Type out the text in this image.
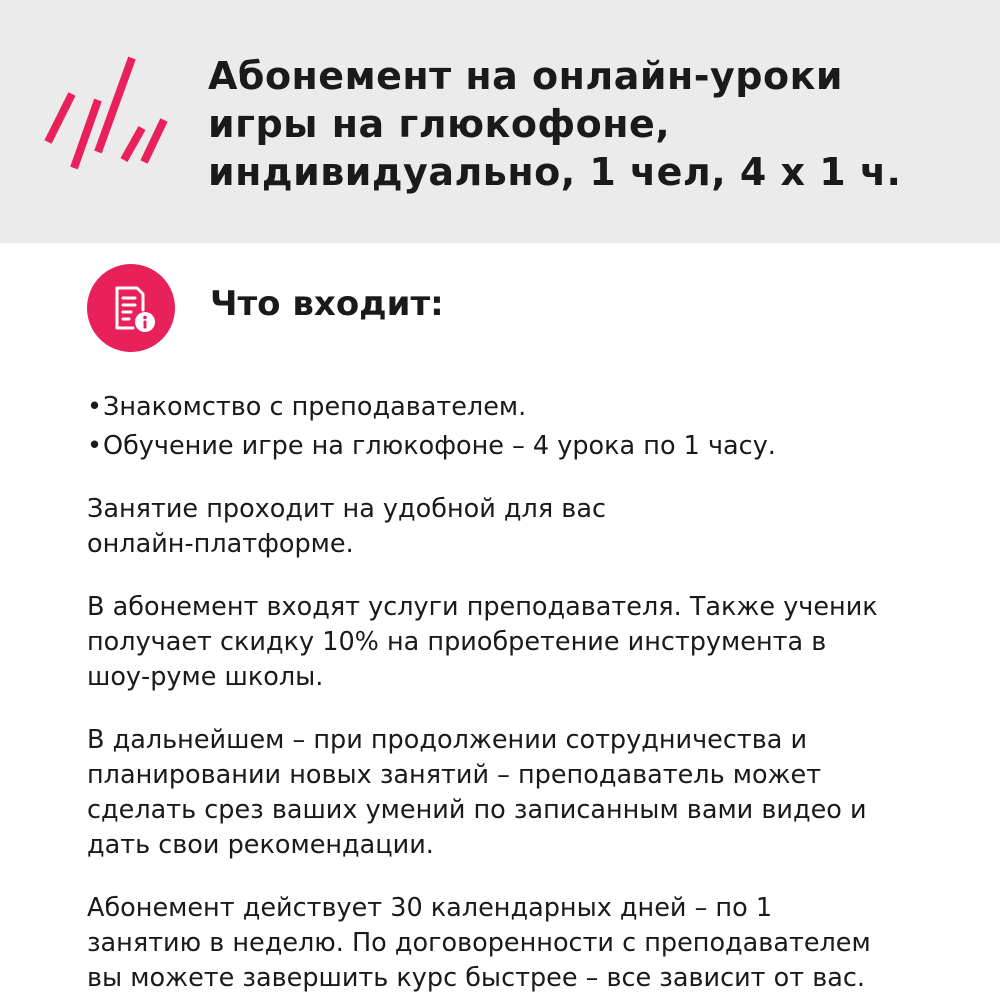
Абонемент на онлайн-уроки
игры на глюкофоне,
индивидуально, 1 чел, 4 х 1 ч.
Что входит:
•Знакомство с преподавателем.
•Обучение игре на глюкофоне – 4 урока по 1 часу.

Занятие проходит на удобной для вас
онлайн-платформе.

В абонемент входят услуги преподавателя. Также ученик
получает скидку 10% на приобретение инструмента в
шоу-руме школы.

В дальнейшем – при продолжении сотрудничества и
планировании новых занятий – преподаватель может
сделать срез ваших умений по записанным вами видео и
дать свои рекомендации.

Абонемент действует 30 календарных дней – по 1
занятию в неделю. По договоренности с преподавателем
вы можете завершить курс быстрее – все зависит от вас.
